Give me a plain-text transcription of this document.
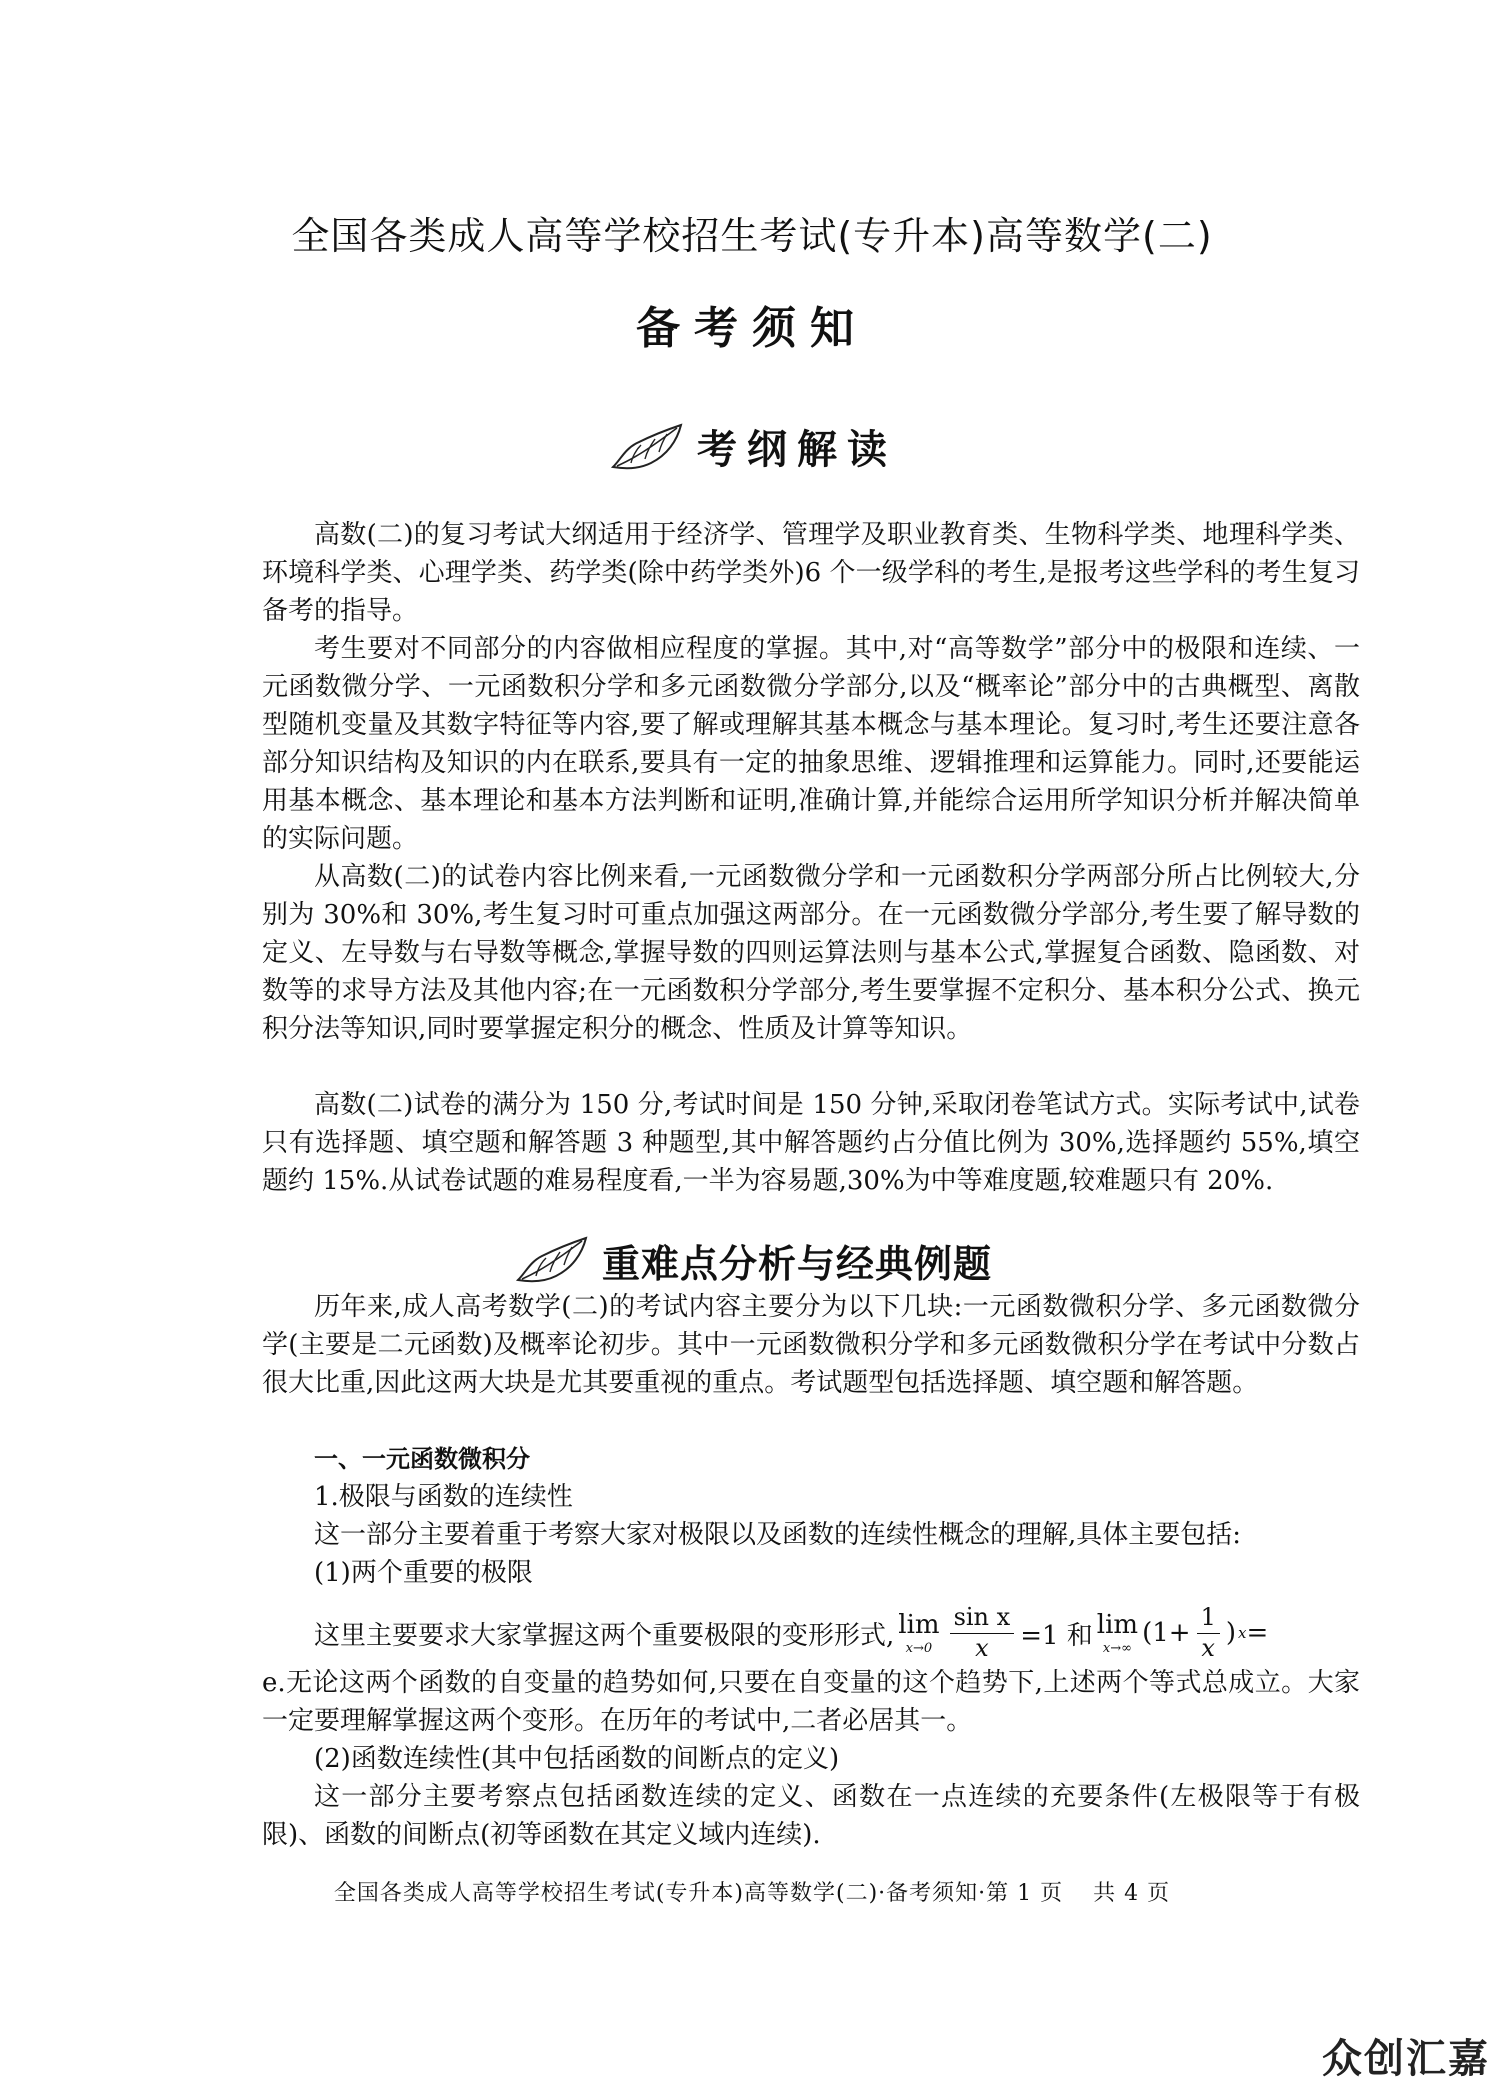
全国各类成人高等学校招生考试(专升本)高等数学(二)
备考须知
考纲解读

高数(二)的复习考试大纲适用于经济学、管理学及职业教育类、生物科学类、地理科学类、环境科学类、心理学类、药学类(除中药学类外)6 个一级学科的考生,是报考这些学科的考生复习备考的指导。

考生要对不同部分的内容做相应程度的掌握。其中,对“高等数学”部分中的极限和连续、一元函数微分学、一元函数积分学和多元函数微分学部分,以及“概率论”部分中的古典概型、离散型随机变量及其数字特征等内容,要了解或理解其基本概念与基本理论。复习时,考生还要注意各部分知识结构及知识的内在联系,要具有一定的抽象思维、逻辑推理和运算能力。同时,还要能运用基本概念、基本理论和基本方法判断和证明,准确计算,并能综合运用所学知识分析并解决简单的实际问题。

从高数(二)的试卷内容比例来看,一元函数微分学和一元函数积分学两部分所占比例较大,分别为 30%和 30%,考生复习时可重点加强这两部分。在一元函数微分学部分,考生要了解导数的定义、左导数与右导数等概念,掌握导数的四则运算法则与基本公式,掌握复合函数、隐函数、对数等的求导方法及其他内容;在一元函数积分学部分,考生要掌握不定积分、基本积分公式、换元积分法等知识,同时要掌握定积分的概念、性质及计算等知识。

高数(二)试卷的满分为 150 分,考试时间是 150 分钟,采取闭卷笔试方式。实际考试中,试卷只有选择题、填空题和解答题 3 种题型,其中解答题约占分值比例为 30%,选择题约 55%,填空题约 15%.从试卷试题的难易程度看,一半为容易题,30%为中等难度题,较难题只有 20%.

重难点分析与经典例题

历年来,成人高考数学(二)的考试内容主要分为以下几块:一元函数微积分学、多元函数微分学(主要是二元函数)及概率论初步。其中一元函数微积分学和多元函数微积分学在考试中分数占很大比重,因此这两大块是尤其要重视的重点。考试题型包括选择题、填空题和解答题。

一、一元函数微积分
1.极限与函数的连续性
这一部分主要着重于考察大家对极限以及函数的连续性概念的理解,具体主要包括:
(1)两个重要的极限
这里主要要求大家掌握这两个重要极限的变形形式, lim
$x\to 0 \frac{\text{sin x}}{x} =1$ 和 lim
x→∞ ($1+ \frac{1}{x}$ ) x =

e.无论这两个函数的自变量的趋势如何,只要在自变量的这个趋势下,上述两个等式总成立。大家一定要理解掌握这两个变形。在历年的考试中,二者必居其一。

(2)函数连续性(其中包括函数的间断点的定义)

这一部分主要考察点包括函数连续的定义、函数在一点连续的充要条件(左极限等于有极限)、函数的间断点(初等函数在其定义域内连续).

全国各类成人高等学校招生考试(专升本)高等数学(二)·备考须知·第 1 页 共 4 页
众创汇嘉
